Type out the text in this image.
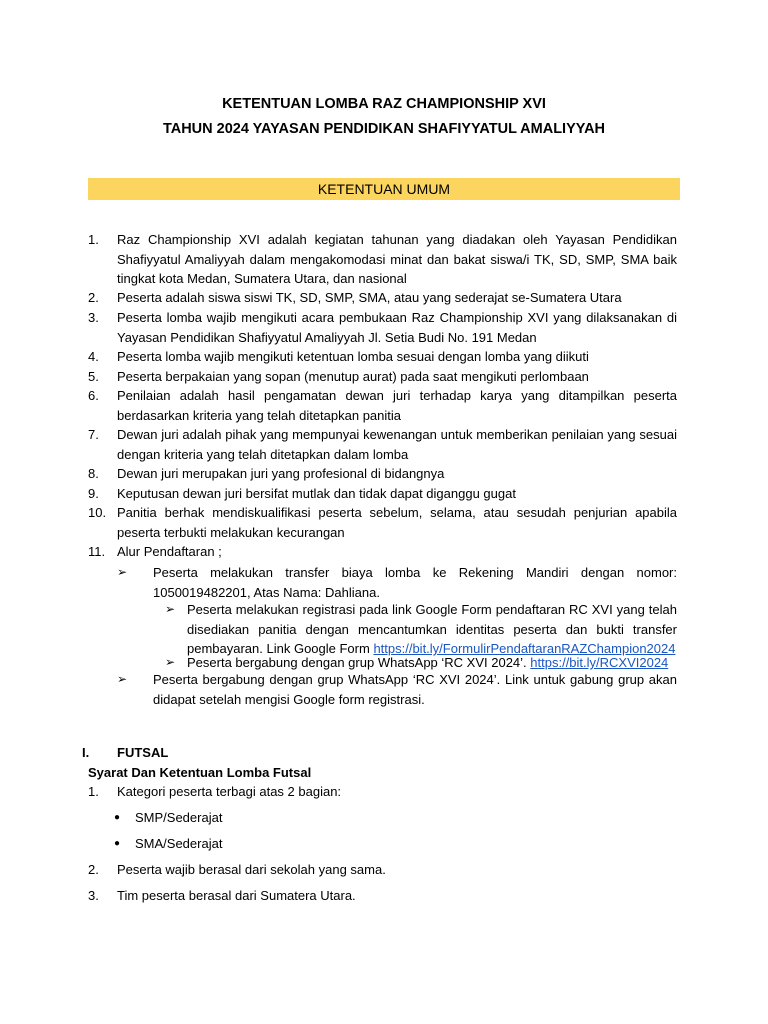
KETENTUAN LOMBA RAZ CHAMPIONSHIP XVI
TAHUN 2024 YAYASAN PENDIDIKAN SHAFIYYATUL AMALIYYAH
KETENTUAN UMUM
1.	Raz Championship XVI adalah kegiatan tahunan yang diadakan oleh Yayasan Pendidikan Shafiyyatul Amaliyyah dalam mengakomodasi minat dan bakat siswa/i TK, SD, SMP, SMA baik tingkat kota Medan, Sumatera Utara, dan nasional
2.	Peserta adalah siswa siswi TK, SD, SMP, SMA, atau yang sederajat se-Sumatera Utara
3.	Peserta lomba wajib mengikuti acara pembukaan Raz Championship XVI yang dilaksanakan di Yayasan Pendidikan Shafiyyatul Amaliyyah Jl. Setia Budi No. 191 Medan
4.	Peserta lomba wajib mengikuti ketentuan lomba sesuai dengan lomba yang diikuti
5.	Peserta berpakaian yang sopan (menutup aurat) pada saat mengikuti perlombaan
6.	Penilaian adalah hasil pengamatan dewan juri terhadap karya yang ditampilkan peserta berdasarkan kriteria yang telah ditetapkan panitia
7.	Dewan juri adalah pihak yang mempunyai kewenangan untuk memberikan penilaian yang sesuai dengan kriteria yang telah ditetapkan dalam lomba
8.	Dewan juri merupakan juri yang profesional di bidangnya
9.	Keputusan dewan juri bersifat mutlak dan tidak dapat diganggu gugat
10. Panitia berhak mendiskualifikasi peserta sebelum, selama, atau sesudah penjurian apabila peserta terbukti melakukan kecurangan
11. Alur Pendaftaran ;
➢	Peserta melakukan transfer biaya lomba ke Rekening Mandiri dengan nomor: 1050019482201, Atas Nama: Dahliana.
➢ Peserta melakukan registrasi pada link Google Form pendaftaran RC XVI yang telah disediakan panitia dengan mencantumkan identitas peserta dan bukti transfer pembayaran. Link Google Form https://bit.ly/FormulirPendaftaranRAZChampion2024
➢ Peserta bergabung dengan grup WhatsApp ‘RC XVI 2024’. https://bit.ly/RCXVI2024
➢	Peserta bergabung dengan grup WhatsApp ‘RC XVI 2024’. Link untuk gabung grup akan didapat setelah mengisi Google form registrasi.
I. FUTSAL
Syarat Dan Ketentuan Lomba Futsal
1.	Kategori peserta terbagi atas 2 bagian:
●	SMP/Sederajat
●	SMA/Sederajat
2.	Peserta wajib berasal dari sekolah yang sama.
3.	Tim peserta berasal dari Sumatera Utara.
